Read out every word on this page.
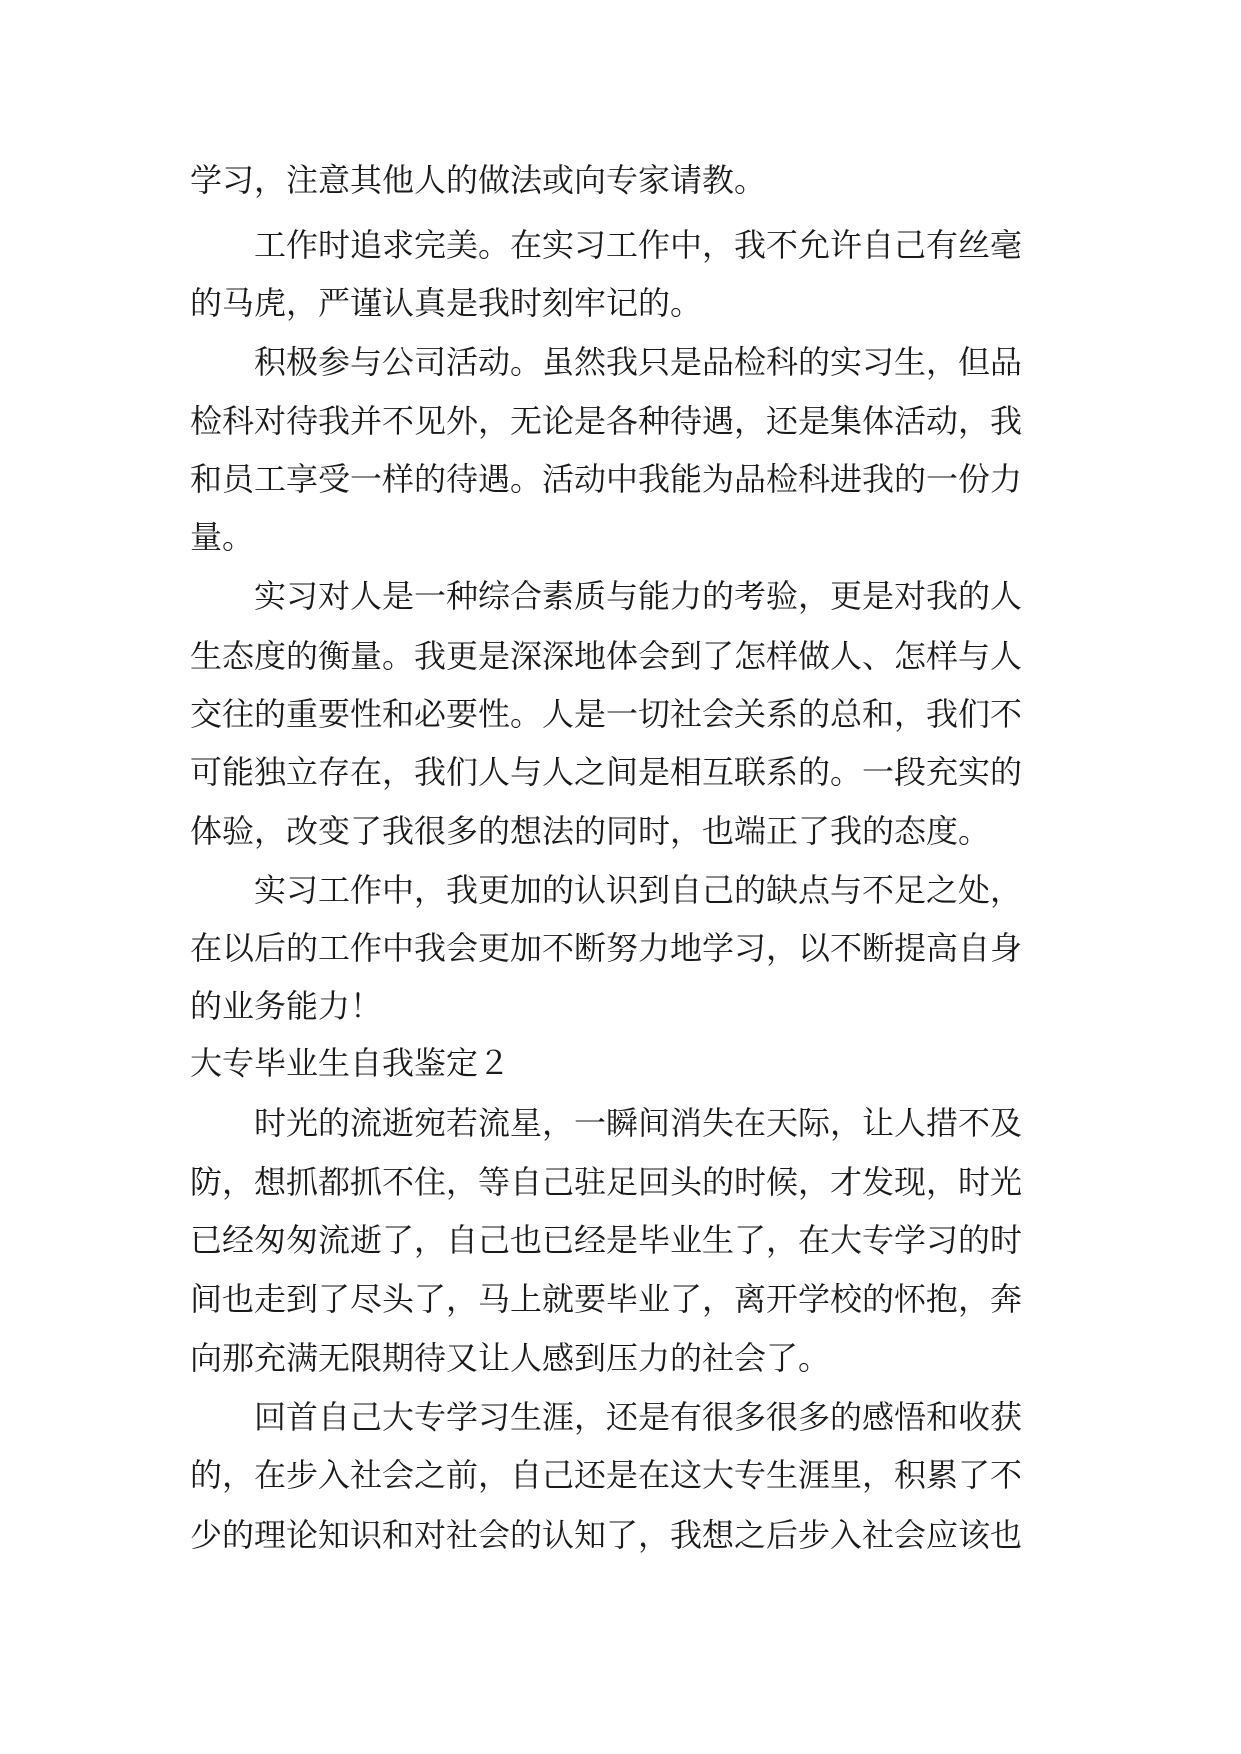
学习，注意其他人的做法或向专家请教。

工作时追求完美。在实习工作中，我不允许自己有丝毫

的马虎，严谨认真是我时刻牢记的。

积极参与公司活动。虽然我只是品检科的实习生，但品

检科对待我并不见外，无论是各种待遇，还是集体活动，我

和员工享受一样的待遇。活动中我能为品检科进我的一份力

量。

实习对人是一种综合素质与能力的考验，更是对我的人

生态度的衡量。我更是深深地体会到了怎样做人、怎样与人

交往的重要性和必要性。人是一切社会关系的总和，我们不

可能独立存在，我们人与人之间是相互联系的。一段充实的

体验，改变了我很多的想法的同时，也端正了我的态度。

实习工作中，我更加的认识到自己的缺点与不足之处，

在以后的工作中我会更加不断努力地学习，以不断提高自身

的业务能力！

大专毕业生自我鉴定２

时光的流逝宛若流星，一瞬间消失在天际，让人措不及

防，想抓都抓不住，等自己驻足回头的时候，才发现，时光

已经匆匆流逝了，自己也已经是毕业生了，在大专学习的时

间也走到了尽头了，马上就要毕业了，离开学校的怀抱，奔

向那充满无限期待又让人感到压力的社会了。

回首自己大专学习生涯，还是有很多很多的感悟和收获

的，在步入社会之前，自己还是在这大专生涯里，积累了不

少的理论知识和对社会的认知了，我想之后步入社会应该也
